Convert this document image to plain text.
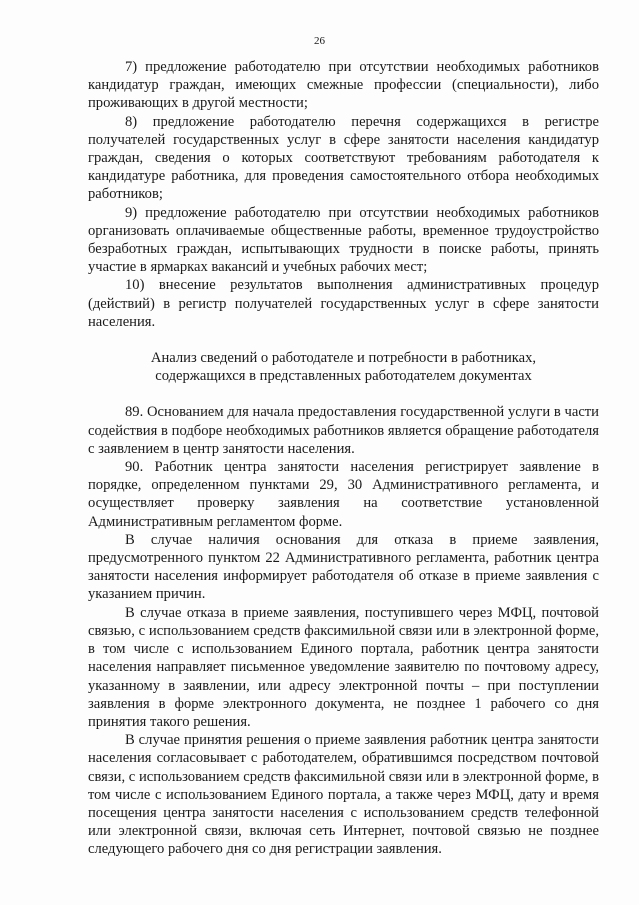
26

7) предложение работодателю при отсутствии необходимых работников кандидатур граждан, имеющих смежные профессии (специальности), либо проживающих в другой местности;

8) предложение работодателю перечня содержащихся в регистре получателей государственных услуг в сфере занятости населения кандидатур граждан, сведения о которых соответствуют требованиям работодателя к кандидатуре работника, для проведения самостоятельного отбора необходимых работников;

9) предложение работодателю при отсутствии необходимых работников организовать оплачиваемые общественные работы, временное трудоустройство безработных граждан, испытывающих трудности в поиске работы, принять участие в ярмарках вакансий и учебных рабочих мест;

10) внесение результатов выполнения административных процедур (действий) в регистр получателей государственных услуг в сфере занятости населения.

Анализ сведений о работодателе и потребности в работниках,

содержащихся в представленных работодателем документах

89. Основанием для начала предоставления государственной услуги в части содействия в подборе необходимых работников является обращение работодателя с заявлением в центр занятости населения.

90. Работник центра занятости населения регистрирует заявление в порядке, определенном пунктами 29, 30 Административного регламента, и осуществляет проверку заявления на соответствие установленной Административным регламентом форме.

В случае наличия основания для отказа в приеме заявления, предусмотренного пунктом 22 Административного регламента, работник центра занятости населения информирует работодателя об отказе в приеме заявления с указанием причин.

В случае отказа в приеме заявления, поступившего через МФЦ, почтовой связью, с использованием средств факсимильной связи или в электронной форме, в том числе с использованием Единого портала, работник центра занятости населения направляет письменное уведомление заявителю по почтовому адресу, указанному в заявлении, или адресу электронной почты – при поступлении заявления в форме электронного документа, не позднее 1 рабочего со дня принятия такого решения.

В случае принятия решения о приеме заявления работник центра занятости населения согласовывает с работодателем, обратившимся посредством почтовой связи, с использованием средств факсимильной связи или в электронной форме, в том числе с использованием Единого портала, а также через МФЦ, дату и время посещения центра занятости населения с использованием средств телефонной или электронной связи, включая сеть Интернет, почтовой связью не позднее следующего рабочего дня со дня регистрации заявления.
